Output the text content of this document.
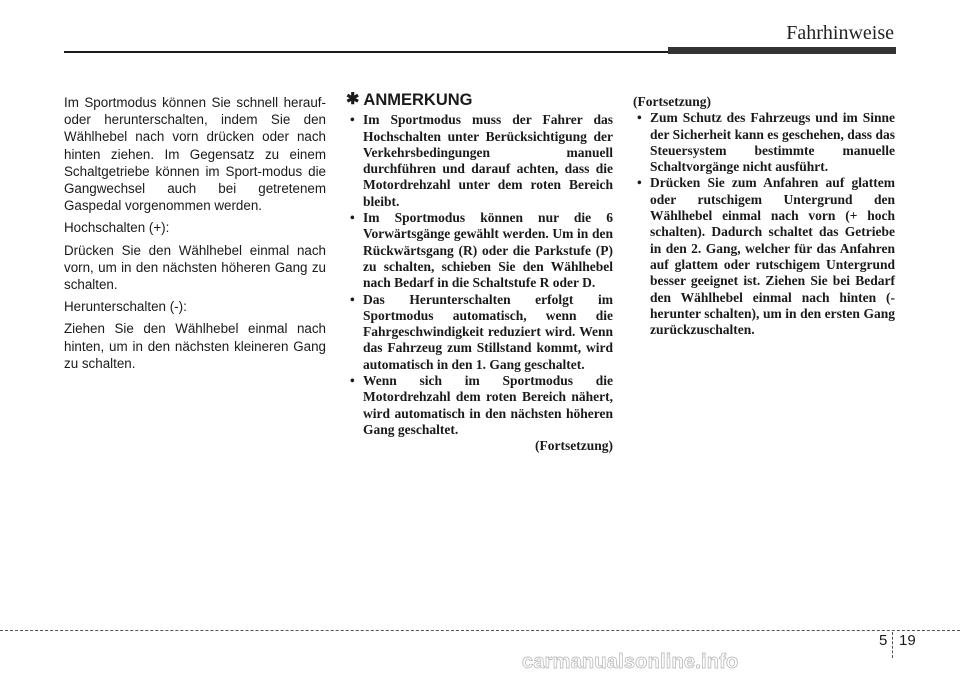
Fahrhinweise

Im Sportmodus können Sie schnell herauf- oder herunterschalten, indem Sie den Wählhebel nach vorn drücken oder nach hinten ziehen. Im Gegensatz zu einem Schaltgetriebe können im Sport-modus die Gangwechsel auch bei getretenem Gaspedal vorgenommen werden.

Hochschalten (+):

Drücken Sie den Wählhebel einmal nach vorn, um in den nächsten höheren Gang zu schalten.

Herunterschalten (-):

Ziehen Sie den Wählhebel einmal nach hinten, um in den nächsten kleineren Gang zu schalten.

✱ ANMERKUNG
• Im Sportmodus muss der Fahrer das Hochschalten unter Berücksichtigung der Verkehrsbedingungen manuell durchführen und darauf achten, dass die Motordrehzahl unter dem roten Bereich bleibt.
• Im Sportmodus können nur die 6 Vorwärtsgänge gewählt werden. Um in den Rückwärtsgang (R) oder die Parkstufe (P) zu schalten, schieben Sie den Wählhebel nach Bedarf in die Schaltstufe R oder D.
• Das Herunterschalten erfolgt im Sportmodus automatisch, wenn die Fahrgeschwindigkeit reduziert wird. Wenn das Fahrzeug zum Stillstand kommt, wird automatisch in den 1. Gang geschaltet.
• Wenn sich im Sportmodus die Motordrehzahl dem roten Bereich nähert, wird automatisch in den nächsten höheren Gang geschaltet.
(Fortsetzung)
(Fortsetzung)
• Zum Schutz des Fahrzeugs und im Sinne der Sicherheit kann es geschehen, dass das Steuersystem bestimmte manuelle Schaltvorgänge nicht ausführt.
• Drücken Sie zum Anfahren auf glattem oder rutschigem Untergrund den Wählhebel einmal nach vorn (+ hoch schalten). Dadurch schaltet das Getriebe in den 2. Gang, welcher für das Anfahren auf glattem oder rutschigem Untergrund besser geeignet ist. Ziehen Sie bei Bedarf den Wählhebel einmal nach hinten (-herunter schalten), um in den ersten Gang zurückzuschalten.
5 19
carmanualsonline.info
